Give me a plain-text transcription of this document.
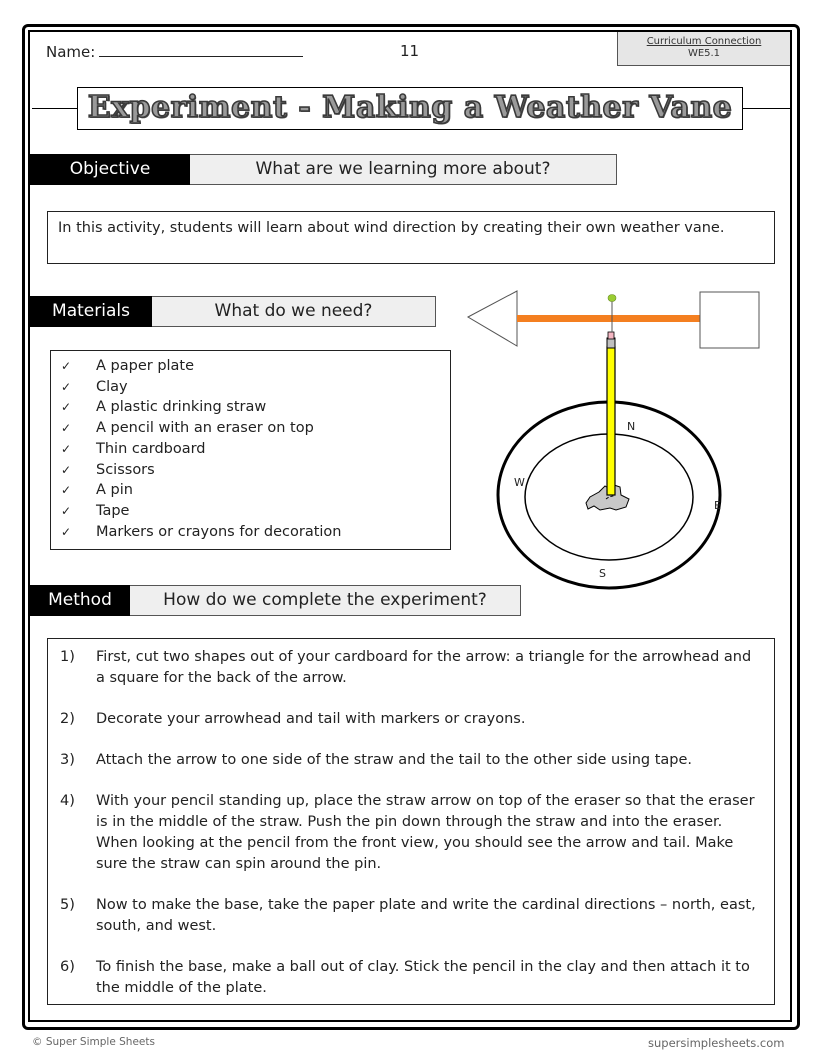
Name:	11
Curriculum Connection
WE5.1
Experiment - Making a Weather Vane
Objective	What are we learning more about?
In this activity, students will learn about wind direction by creating their own weather vane.
Materials	What do we need?
✓	A paper plate
✓	Clay
✓	A plastic drinking straw
✓	A pencil with an eraser on top
✓	Thin cardboard
✓	Scissors
✓	A pin
✓	Tape
✓	Markers or crayons for decoration
N
E
S
W
Method	How do we complete the experiment?
1)	First, cut two shapes out of your cardboard for the arrow: a triangle for the arrowhead and a square for the back of the arrow.
2)	Decorate your arrowhead and tail with markers or crayons.
3)	Attach the arrow to one side of the straw and the tail to the other side using tape.
4)	With your pencil standing up, place the straw arrow on top of the eraser so that the eraser is in the middle of the straw. Push the pin down through the straw and into the eraser. When looking at the pencil from the front view, you should see the arrow and tail. Make sure the straw can spin around the pin.
5)	Now to make the base, take the paper plate and write the cardinal directions – north, east, south, and west.
6)	To finish the base, make a ball out of clay. Stick the pencil in the clay and then attach it to the middle of the plate.
© Super Simple Sheets	supersimplesheets.com
